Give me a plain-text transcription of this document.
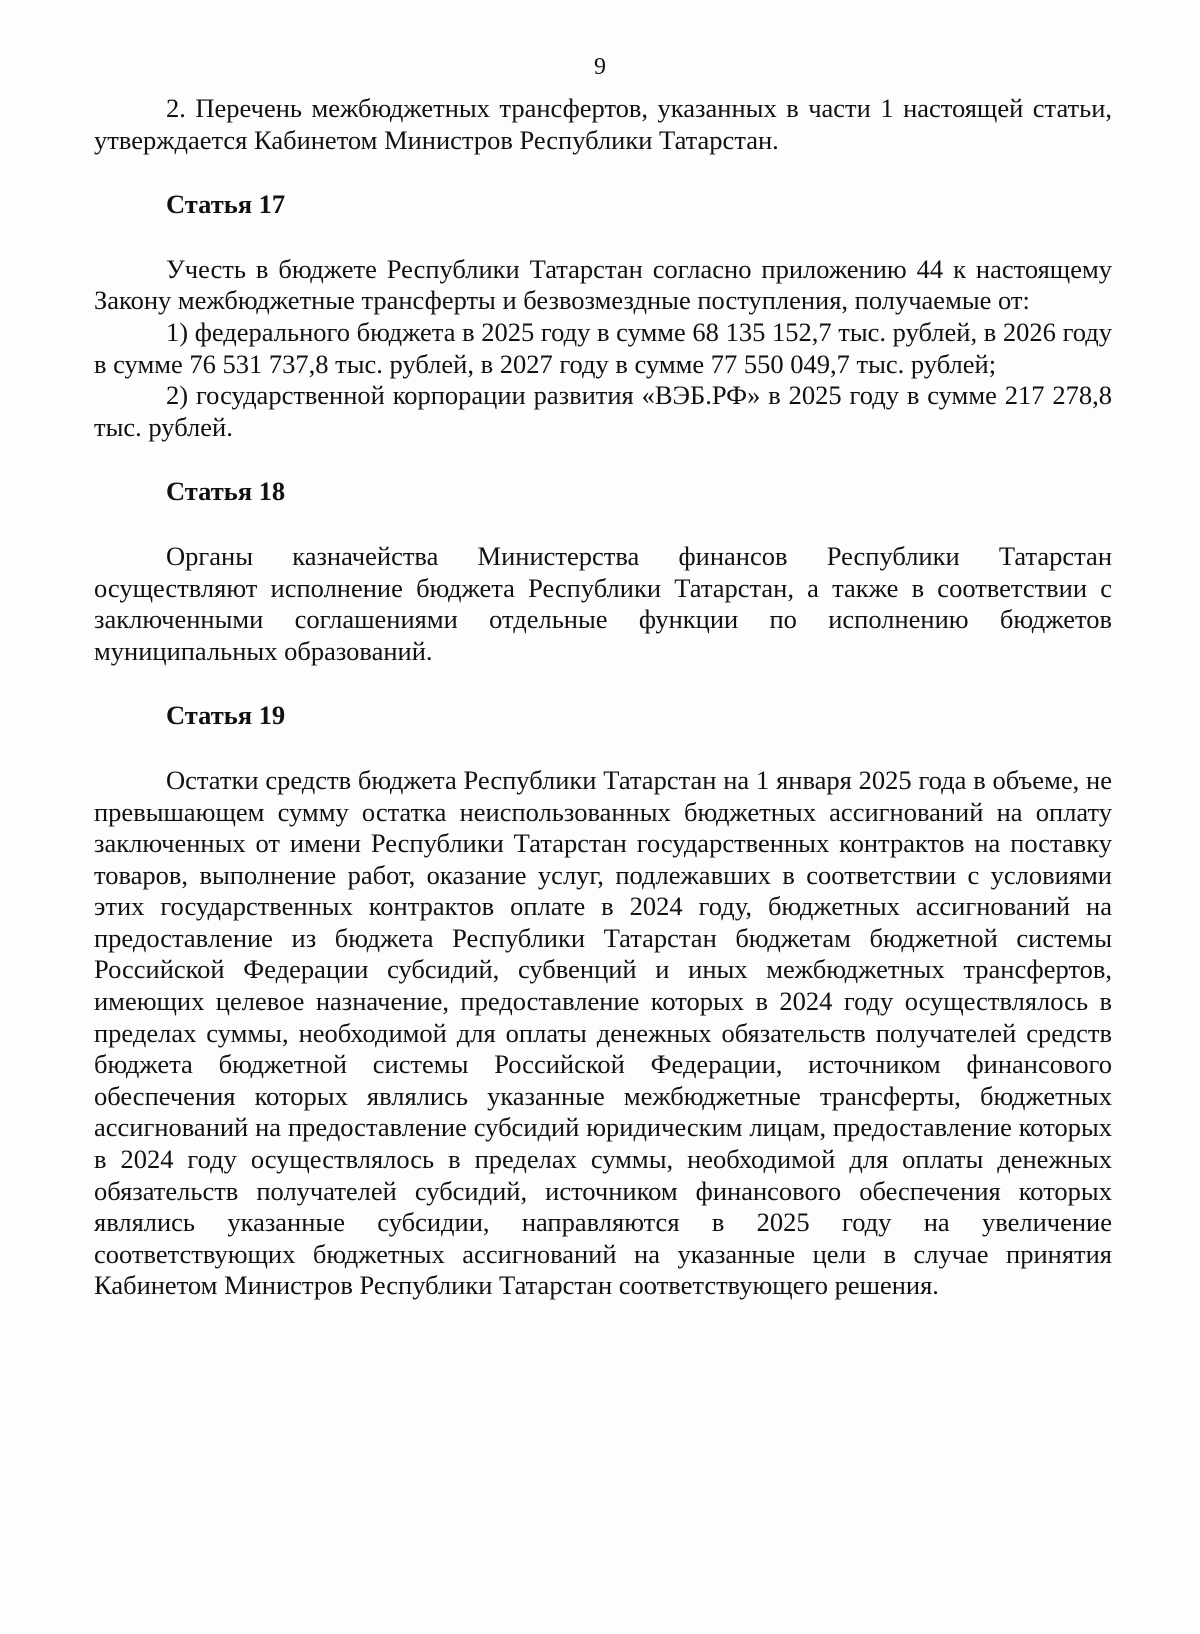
9

2. Перечень межбюджетных трансфертов, указанных в части 1 настоящей статьи, утверждается Кабинетом Министров Республики Татарстан.

Статья 17

Учесть в бюджете Республики Татарстан согласно приложению 44 к настоящему Закону межбюджетные трансферты и безвозмездные поступления, получаемые от:

1) федерального бюджета в 2025 году в сумме 68 135 152,7 тыс. рублей, в 2026 году в сумме 76 531 737,8 тыс. рублей, в 2027 году в сумме 77 550 049,7 тыс. рублей;

2) государственной корпорации развития «ВЭБ.РФ» в 2025 году в сумме 217 278,8 тыс. рублей.

Статья 18

Органы казначейства Министерства финансов Республики Татарстан осуществляют исполнение бюджета Республики Татарстан, а также в соответствии с заключенными соглашениями отдельные функции по исполнению бюджетов муниципальных образований.

Статья 19

Остатки средств бюджета Республики Татарстан на 1 января 2025 года в объеме, не превышающем сумму остатка неиспользованных бюджетных ассигнований на оплату заключенных от имени Республики Татарстан государственных контрактов на поставку товаров, выполнение работ, оказание услуг, подлежавших в соответствии с условиями этих государственных контрактов оплате в 2024 году, бюджетных ассигнований на предоставление из бюджета Республики Татарстан бюджетам бюджетной системы Российской Федерации субсидий, субвенций и иных межбюджетных трансфертов, имеющих целевое назначение, предоставление которых в 2024 году осуществлялось в пределах суммы, необходимой для оплаты денежных обязательств получателей средств бюджета бюджетной системы Российской Федерации, источником финансового обеспечения которых являлись указанные межбюджетные трансферты, бюджетных ассигнований на предоставление субсидий юридическим лицам, предоставление которых в 2024 году осуществлялось в пределах суммы, необходимой для оплаты денежных обязательств получателей субсидий, источником финансового обеспечения которых являлись указанные субсидии, направляются в 2025 году на увеличение соответствующих бюджетных ассигнований на указанные цели в случае принятия Кабинетом Министров Республики Татарстан соответствующего решения.
